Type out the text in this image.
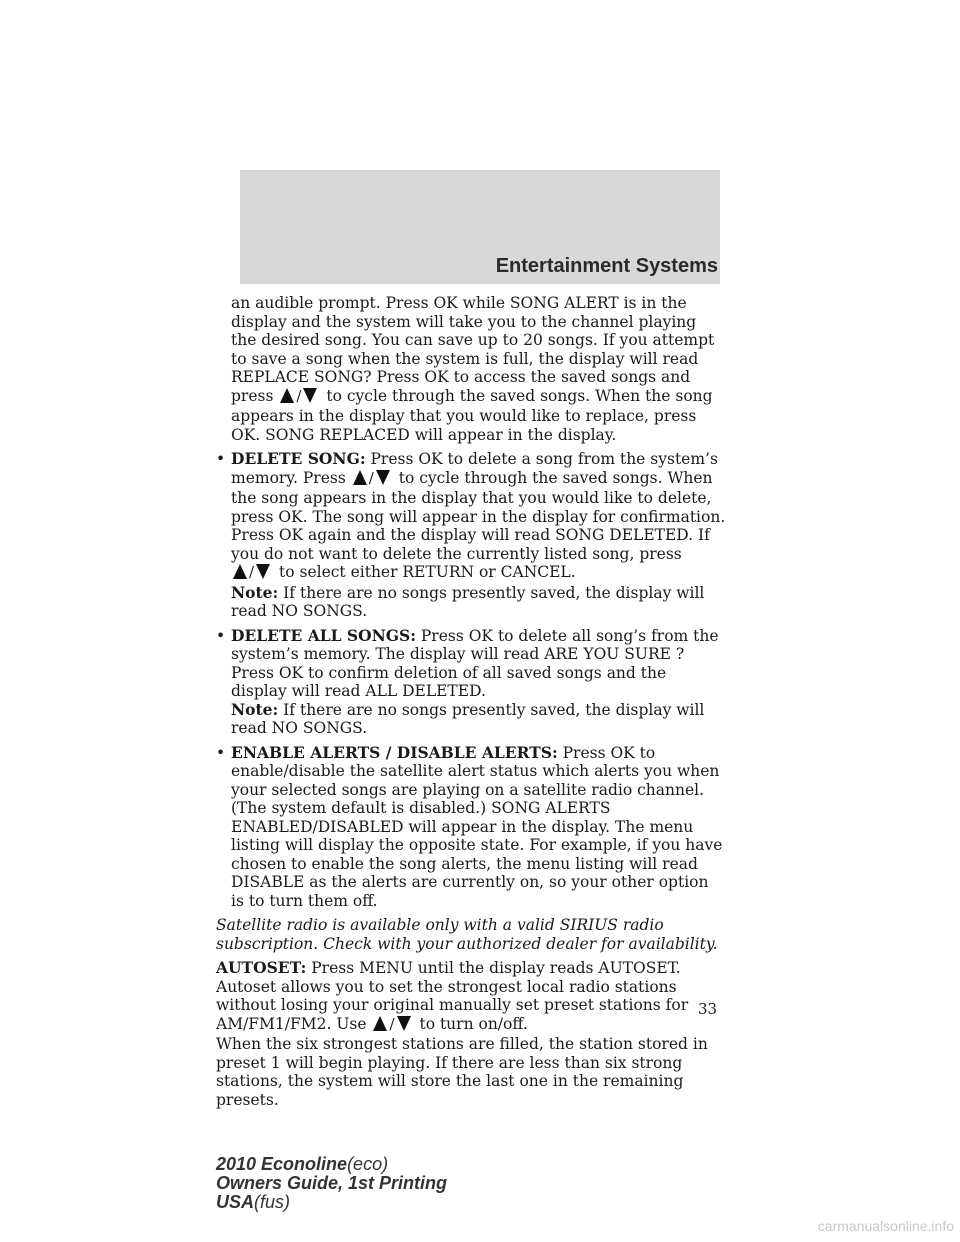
Entertainment Systems

an audible prompt. Press OK while SONG ALERT is in the display and the system will take you to the channel playing the desired song. You can save up to 20 songs. If you attempt to save a song when the system is full, the display will read REPLACE SONG? Press OK to access the saved songs and press / to cycle through the saved songs. When the song appears in the display that you would like to replace, press OK. SONG REPLACED will appear in the display.

• DELETE SONG: Press OK to delete a song from the system’s memory. Press / to cycle through the saved songs. When the song appears in the display that you would like to delete, press OK. The song will appear in the display for confirmation. Press OK again and the display will read SONG DELETED. If you do not want to delete the currently listed song, press / to select either RETURN or CANCEL.
Note: If there are no songs presently saved, the display will read NO SONGS.
• DELETE ALL SONGS: Press OK to delete all song’s from the system’s memory. The display will read ARE YOU SURE ? Press OK to confirm deletion of all saved songs and the display will read ALL DELETED.
Note: If there are no songs presently saved, the display will read NO SONGS.
• ENABLE ALERTS / DISABLE ALERTS: Press OK to enable/disable the satellite alert status which alerts you when your selected songs are playing on a satellite radio channel. (The system default is disabled.) SONG ALERTS ENABLED/DISABLED will appear in the display. The menu listing will display the opposite state. For example, if you have chosen to enable the song alerts, the menu listing will read DISABLE as the alerts are currently on, so your other option is to turn them off.

Satellite radio is available only with a valid SIRIUS radio subscription. Check with your authorized dealer for availability.

AUTOSET: Press MENU until the display reads AUTOSET. Autoset allows you to set the strongest local radio stations without losing your original manually set preset stations for AM/FM1/FM2. Use / to turn on/off.
When the six strongest stations are filled, the station stored in preset 1 will begin playing. If there are less than six strong stations, the system will store the last one in the remaining presets.

33
2010 Econoline(eco)
Owners Guide, 1st Printing
USA(fus)
carmanualsonline.info
